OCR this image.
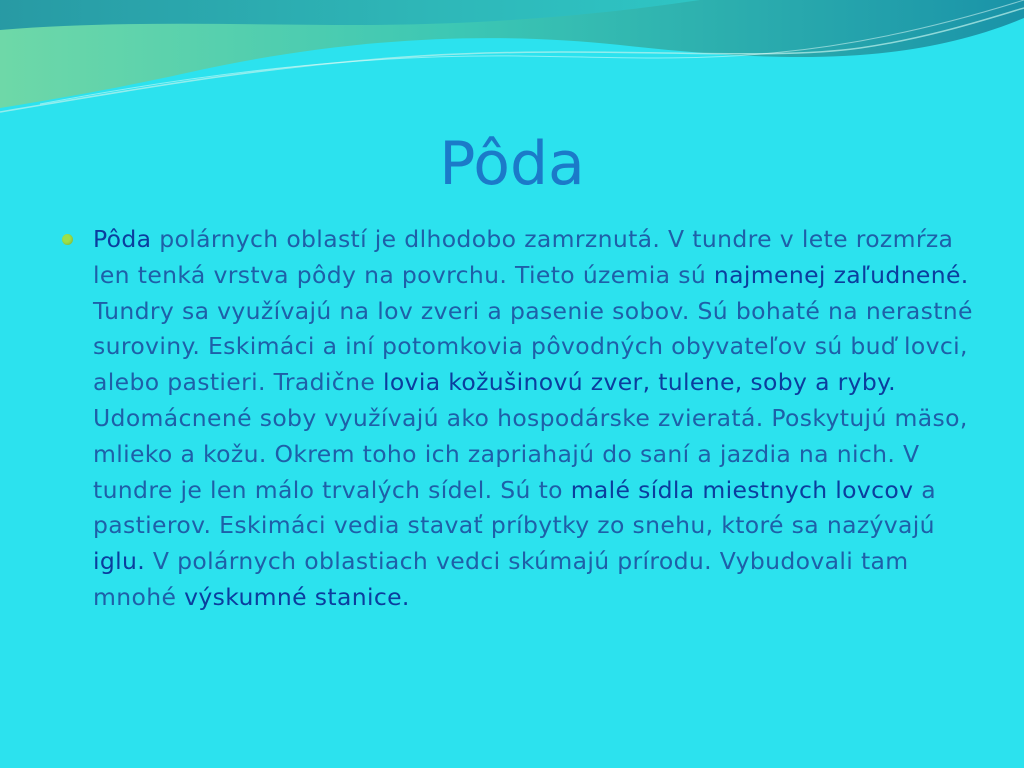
Pôda
Pôda polárnych oblastí je dlhodobo zamrznutá. V tundre v lete rozmŕza len tenká vrstva pôdy na povrchu. Tieto územia sú najmenej zaľudnené. Tundry sa využívajú na lov zveri a pasenie sobov. Sú bohaté na nerastné suroviny. Eskimáci a iní potomkovia pôvodných obyvateľov sú buď lovci, alebo pastieri. Tradične lovia kožušinovú zver, tulene, soby a ryby. Udomácnené soby využívajú ako hospodárske zvieratá. Poskytujú mäso, mlieko a kožu. Okrem toho ich zapriahajú do saní a jazdia na nich. V tundre je len málo trvalých sídel. Sú to malé sídla miestnych lovcov a pastierov. Eskimáci vedia stavať príbytky zo snehu, ktoré sa nazývajú iglu. V polárnych oblastiach vedci skúmajú prírodu. Vybudovali tam mnohé výskumné stanice.
